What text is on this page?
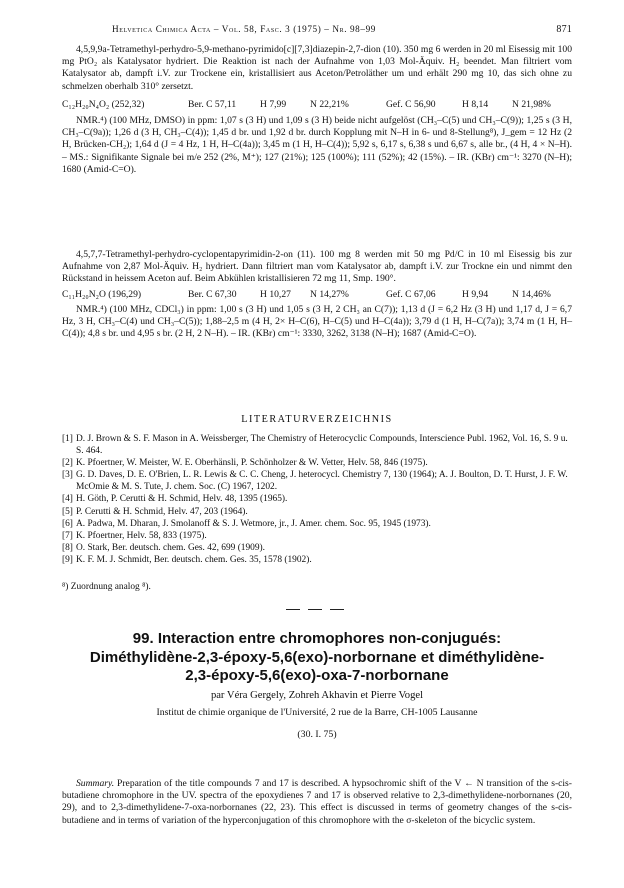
Helvetica Chimica Acta – Vol. 58, Fasc. 3 (1975) – Nr. 98–99	871

4,5,9,9a-Tetramethyl-perhydro-5,9-methano-pyrimido[c][7,3]diazepin-2,7-dion (10). 350 mg 6 werden in 20 ml Eisessig mit 100 mg PtO₂ als Katalysator hydriert. Die Reaktion ist nach der Aufnahme von 1,03 Mol-Äquiv. H₂ beendet. Man filtriert vom Katalysator ab, dampft i.V. zur Trockene ein, kristallisiert aus Aceton/Petroläther um und erhält 290 mg 10, das sich ohne zu schmelzen oberhalb 310° zersetzt.

C₁₂H₂₀N₄O₂ (252,32)	Ber. C 57,11	H 7,99	N 22,21%	Gef. C 56,90	H 8,14	N 21,98%

NMR.⁴) (100 MHz, DMSO) in ppm: 1,07 s (3 H) und 1,09 s (3 H) beide nicht aufgelöst (CH₃–C(5) und CH₃–C(9)); 1,25 s (3 H, CH₃–C(9a)); 1,26 d (3 H, CH₃–C(4)); 1,45 d br. und 1,92 d br. durch Kopplung mit N–H in 6- und 8-Stellung⁸), J_gem = 12 Hz (2 H, Brücken-CH₂); 1,64 d (J = 4 Hz, 1 H, H–C(4a)); 3,45 m (1 H, H–C(4)); 5,92 s, 6,17 s, 6,38 s und 6,67 s, alle br., (4 H, 4 × N–H). – MS.: Signifikante Signale bei m/e 252 (2%, M⁺); 127 (21%); 125 (100%); 111 (52%); 42 (15%). – IR. (KBr) cm⁻¹: 3270 (N–H); 1680 (Amid-C=O).

4,5,7,7-Tetramethyl-perhydro-cyclopentapyrimidin-2-on (11). 100 mg 8 werden mit 50 mg Pd/C in 10 ml Eisessig bis zur Aufnahme von 2,87 Mol-Äquiv. H₂ hydriert. Dann filtriert man vom Katalysator ab, dampft i.V. zur Trockne ein und nimmt den Rückstand in heissem Aceton auf. Beim Abkühlen kristallisieren 72 mg 11, Smp. 190°.

C₁₁H₂₀N₂O (196,29)	Ber. C 67,30	H 10,27	N 14,27%	Gef. C 67,06	H 9,94	N 14,46%

NMR.⁴) (100 MHz, CDCl₃) in ppm: 1,00 s (3 H) und 1,05 s (3 H, 2 CH₃ an C(7)); 1,13 d (J = 6,2 Hz (3 H) und 1,17 d, J = 6,7 Hz, 3 H, CH₃–C(4) und CH₃–C(5)); 1,88–2,5 m (4 H, 2× H–C(6), H–C(5) und H–C(4a)); 3,79 d (1 H, H–C(7a)); 3,74 m (1 H, H–C(4)); 4,8 s br. und 4,95 s br. (2 H, 2 N–H). – IR. (KBr) cm⁻¹: 3330, 3262, 3138 (N–H); 1687 (Amid-C=O).

LITERATURVERZEICHNIS
[1] D. J. Brown & S. F. Mason in A. Weissberger, The Chemistry of Heterocyclic Compounds, Interscience Publ. 1962, Vol. 16, S. 9 u. S. 464.
[2] K. Pfoertner, W. Meister, W. E. Oberhänsli, P. Schönholzer & W. Vetter, Helv. 58, 846 (1975).
[3] G. D. Daves, D. E. O'Brien, L. R. Lewis & C. C. Cheng, J. heterocycl. Chemistry 7, 130 (1964); A. J. Boulton, D. T. Hurst, J. F. W. McOmie & M. S. Tute, J. chem. Soc. (C) 1967, 1202.
[4] H. Göth, P. Cerutti & H. Schmid, Helv. 48, 1395 (1965).
[5] P. Cerutti & H. Schmid, Helv. 47, 203 (1964).
[6] A. Padwa, M. Dharan, J. Smolanoff & S. J. Wetmore, jr., J. Amer. chem. Soc. 95, 1945 (1973).
[7] K. Pfoertner, Helv. 58, 833 (1975).
[8] O. Stark, Ber. deutsch. chem. Ges. 42, 699 (1909).
[9] K. F. M. J. Schmidt, Ber. deutsch. chem. Ges. 35, 1578 (1902).
⁸) Zuordnung analog ⁸).
99. Interaction entre chromophores non-conjugués:
Diméthylidène-2,3-époxy-5,6(exo)-norbornane et diméthylidène-
2,3-époxy-5,6(exo)-oxa-7-norbornane
par Véra Gergely, Zohreh Akhavin et Pierre Vogel
Institut de chimie organique de l'Université, 2 rue de la Barre, CH-1005 Lausanne
(30. I. 75)
Summary. Preparation of the title compounds 7 and 17 is described. A hypsochromic shift of the V ← N transition of the s-cis-butadiene chromophore in the UV. spectra of the epoxydienes 7 and 17 is observed relative to 2,3-dimethylidene-norbornanes (20, 29), and to 2,3-dimethylidene-7-oxa-norbornanes (22, 23). This effect is discussed in terms of geometry changes of the s-cis-butadiene and in terms of variation of the hyperconjugation of this chromophore with the σ-skeleton of the bicyclic system.
